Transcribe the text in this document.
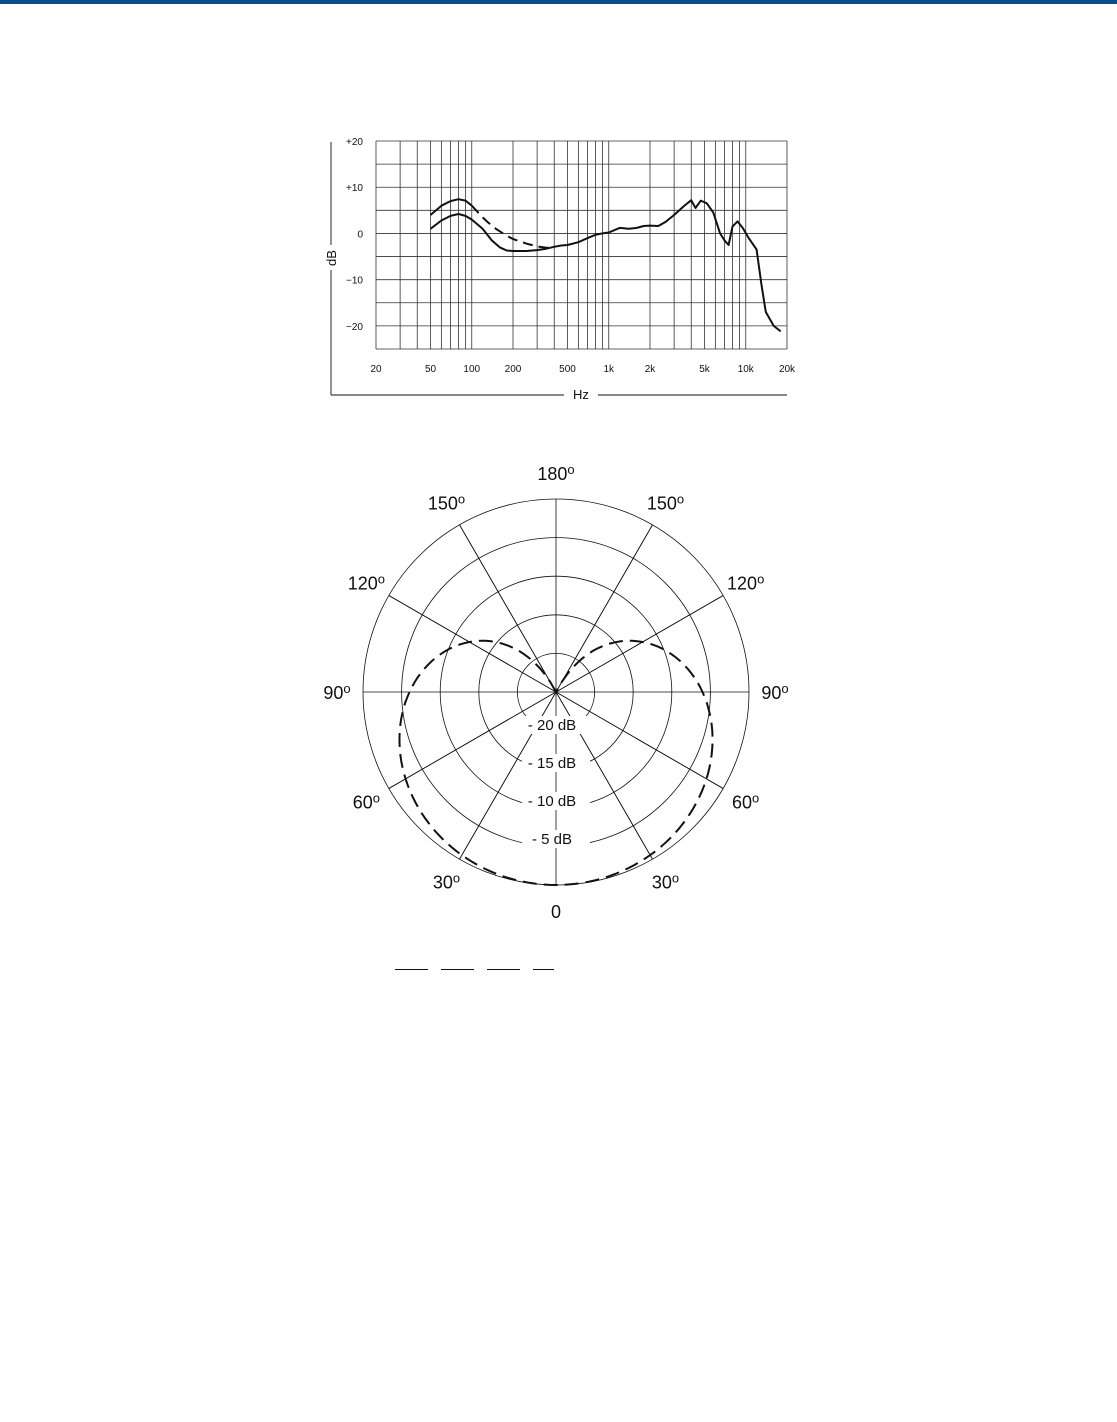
20	50	100 200	500	1k	2k	5k	10k	20k
+20
+10
0
−10
−20
Hz
dB
0
30$^o$	30$^o$
60$^o$	60$^o$
90$^o$	90$^o$
120$^o$	120$^o$
150$^o$	150$^o$
180$^o$
- 5 dB
- 10 dB
- 15 dB
- 20 dB
